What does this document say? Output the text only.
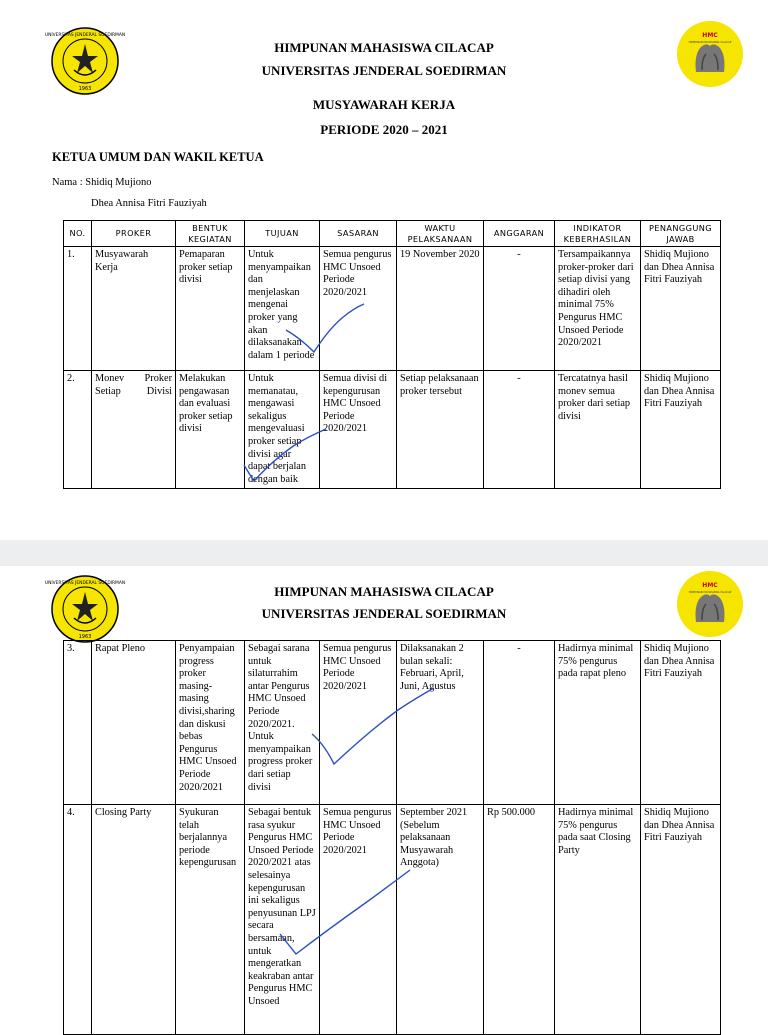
1963
UNIVERSITAS JENDERAL SOEDIRMAN	HMC
HIMPUNAN MAHASISWA CILACAP
HIMPUNAN MAHASISWA CILACAP
UNIVERSITAS JENDERAL SOEDIRMAN
MUSYAWARAH KERJA
PERIODE 2020 – 2021
KETUA UMUM DAN WAKIL KETUA
Nama : Shidiq Mujiono
Dhea Annisa Fitri Fauziyah
NO.	PROKER	BENTUK KEGIATAN	TUJUAN	SASARAN	WAKTU PELAKSANAAN	ANGGARAN	INDIKATOR KEBERHASILAN	PENANGGUNG JAWAB
1.	Musyawarah Kerja	Pemaparan proker setiap divisi	Untuk menyampaikan dan menjelaskan mengenai proker yang akan dilaksanakan dalam 1 periode	Semua pengurus HMC Unsoed Periode 2020/2021	19 November 2020	-	Tersampaikannya proker-proker dari setiap divisi yang dihadiri oleh minimal 75% Pengurus HMC Unsoed Periode 2020/2021	Shidiq Mujiono dan Dhea Annisa Fitri Fauziyah
2.	Monev Proker Setiap Divisi	Melakukan pengawasan dan evaluasi proker setiap divisi	Untuk memanatau, mengawasi sekaligus mengevaluasi proker setiap divisi agar dapat berjalan dengan baik	Semua divisi di kepengurusan HMC Unsoed Periode 2020/2021	Setiap pelaksanaan proker tersebut	-	Tercatatnya hasil monev semua proker dari setiap divisi	Shidiq Mujiono dan Dhea Annisa Fitri Fauziyah
1963
UNIVERSITAS JENDERAL SOEDIRMAN	HMC
HIMPUNAN MAHASISWA CILACAP
HIMPUNAN MAHASISWA CILACAP
UNIVERSITAS JENDERAL SOEDIRMAN
3.	Rapat Pleno	Penyampaian progress proker masing-masing divisi,sharing dan diskusi bebas Pengurus HMC Unsoed Periode 2020/2021	Sebagai sarana untuk silaturrahim antar Pengurus HMC Unsoed Periode 2020/2021. Untuk menyampaikan progress proker dari setiap divisi	Semua pengurus HMC Unsoed Periode 2020/2021	Dilaksanakan 2 bulan sekali: Februari, April, Juni, Agustus	-	Hadirnya minimal 75% pengurus pada rapat pleno	Shidiq Mujiono dan Dhea Annisa Fitri Fauziyah
4.	Closing Party	Syukuran telah berjalannya periode kepengurusan	Sebagai bentuk rasa syukur Pengurus HMC Unsoed Periode 2020/2021 atas selesainya kepengurusan ini sekaligus penyusunan LPJ secara bersamaan, untuk mengeratkan keakraban antar Pengurus HMC Unsoed	Semua pengurus HMC Unsoed Periode 2020/2021	September 2021 (Sebelum pelaksanaan Musyawarah Anggota)	Rp 500.000	Hadirnya minimal 75% pengurus pada saat Closing Party	Shidiq Mujiono dan Dhea Annisa Fitri Fauziyah
